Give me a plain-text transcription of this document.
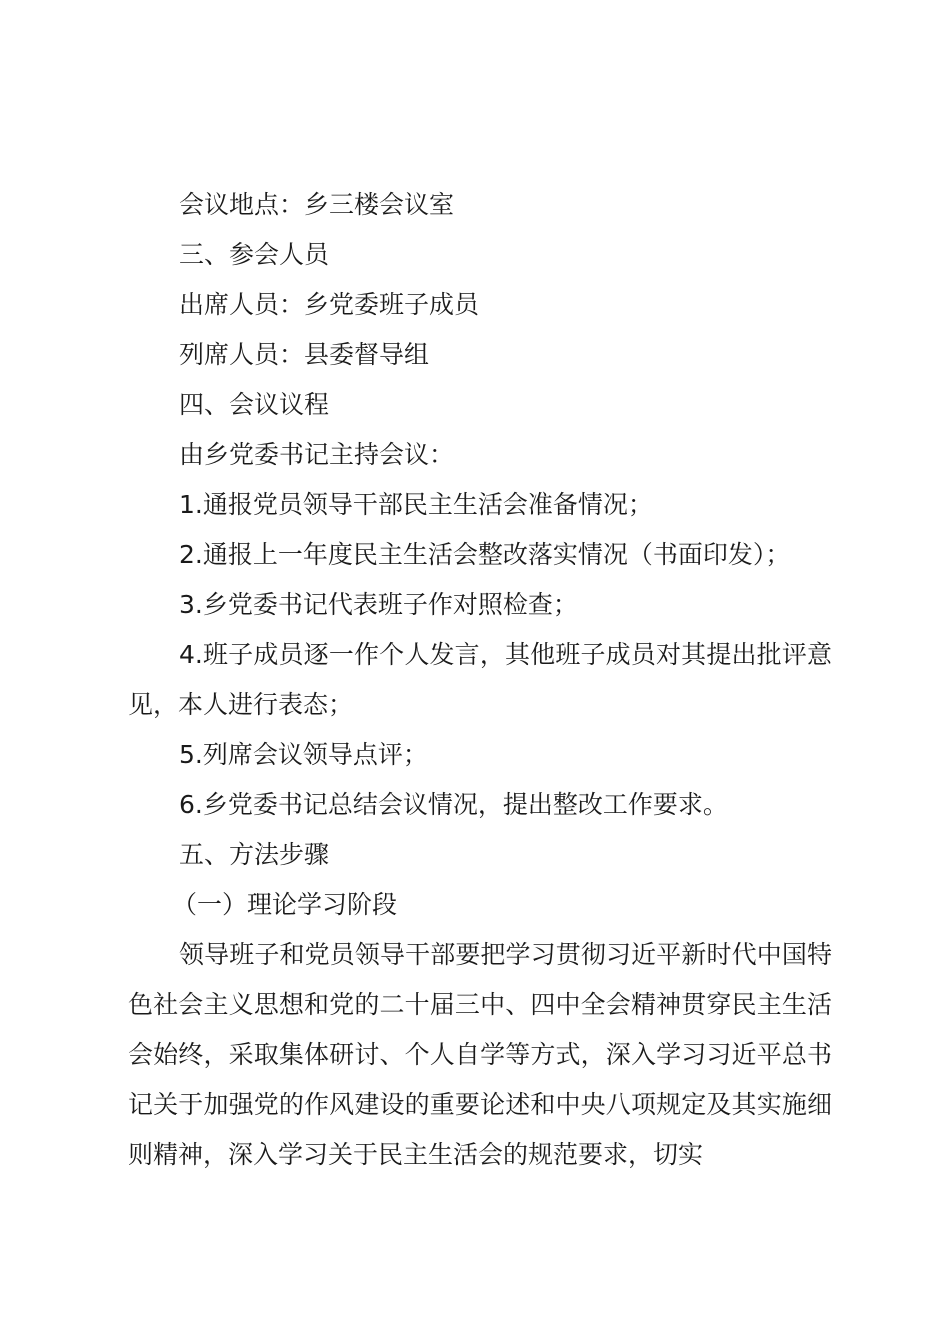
会议地点：乡三楼会议室

三、参会人员

出席人员：乡党委班子成员

列席人员：县委督导组

四、会议议程

由乡党委书记主持会议：

1.通报党员领导干部民主生活会准备情况；

2.通报上一年度民主生活会整改落实情况（书面印发）；

3.乡党委书记代表班子作对照检查；

4.班子成员逐一作个人发言，其他班子成员对其提出批评意见，本人进行表态；

5.列席会议领导点评；

6.乡党委书记总结会议情况，提出整改工作要求。

五、方法步骤

（一）理论学习阶段

领导班子和党员领导干部要把学习贯彻习近平新时代中国特色社会主义思想和党的二十届三中、四中全会精神贯穿民主生活会始终，采取集体研讨、个人自学等方式，深入学习习近平总书记关于加强党的作风建设的重要论述和中央八项规定及其实施细则精神，深入学习关于民主生活会的规范要求，切实
